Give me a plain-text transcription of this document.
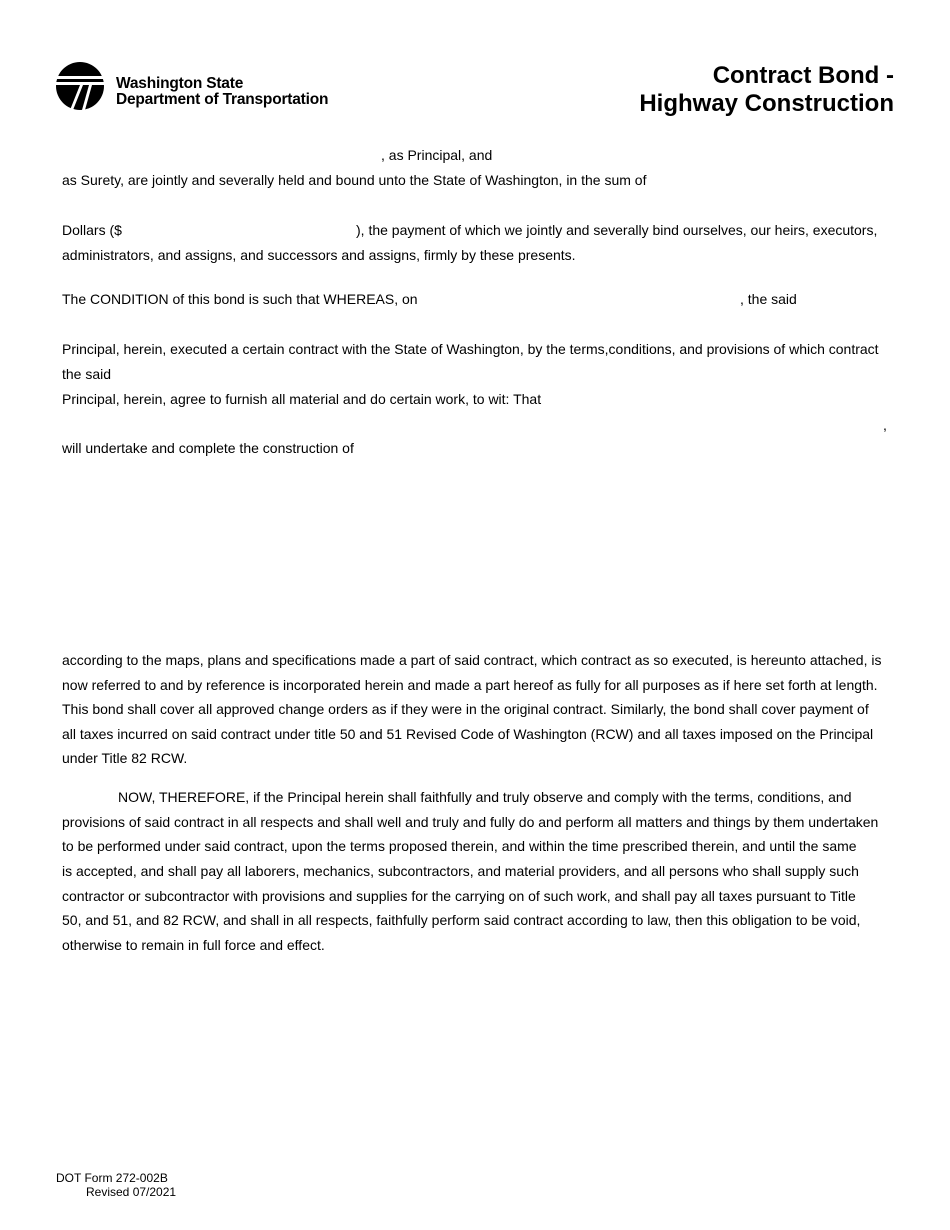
Washington State
Department of Transportation
Contract Bond -
Highway Construction
, as Principal, and
as Surety, are jointly and severally held and bound unto the State of Washington, in the sum of
Dollars ($	), the payment of which we jointly and severally bind ourselves, our heirs, executors,
administrators, and assigns, and successors and assigns, firmly by these presents.
The CONDITION of this bond is such that WHEREAS, on	, the said
Principal, herein, executed a certain contract with the State of Washington, by the terms,conditions, and provisions of which contract
the said
Principal, herein, agree to furnish all material and do certain work, to wit: That
,
will undertake and complete the construction of
according to the maps, plans and specifications made a part of said contract, which contract as so executed, is hereunto attached, is
now referred to and by reference is incorporated herein and made a part hereof as fully for all purposes as if here set forth at length.
This bond shall cover all approved change orders as if they were in the original contract. Similarly, the bond shall cover payment of
all taxes incurred on said contract under title 50 and 51 Revised Code of Washington (RCW) and all taxes imposed on the Principal
under Title 82 RCW.
NOW, THEREFORE, if the Principal herein shall faithfully and truly observe and comply with the terms, conditions, and
provisions of said contract in all respects and shall well and truly and fully do and perform all matters and things by them undertaken
to be performed under said contract, upon the terms proposed therein, and within the time prescribed therein, and until the same
is accepted, and shall pay all laborers, mechanics, subcontractors, and material providers, and all persons who shall supply such
contractor or subcontractor with provisions and supplies for the carrying on of such work, and shall pay all taxes pursuant to Title
50, and 51, and 82 RCW, and shall in all respects, faithfully perform said contract according to law, then this obligation to be void,
otherwise to remain in full force and effect.
DOT Form 272-002B
Revised 07/2021
